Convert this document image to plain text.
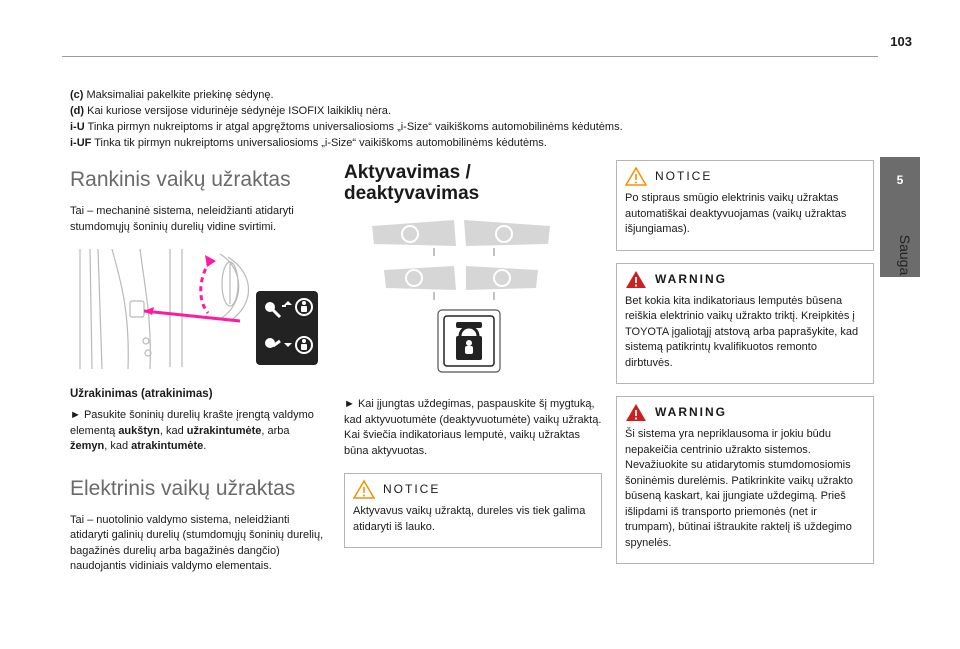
103
5
Sauga
(c) Maksimaliai pakelkite priekinę sėdynę.
(d) Kai kuriose versijose vidurinėje sėdynėje ISOFIX laikiklių nėra.
i-U Tinka pirmyn nukreiptoms ir atgal apgręžtoms universaliosioms „i-Size“ vaikiškoms automobilinėms kėdutėms.
i-UF Tinka tik pirmyn nukreiptoms universaliosioms „i-Size“ vaikiškoms automobilinėms kėdutėms.
Rankinis vaikų užraktas

Tai – mechaninė sistema, neleidžianti atidaryti stumdomųjų šoninių durelių vidine svirtimi.

Užrakinimas (atrakinimas)

► Pasukite šoninių durelių krašte įrengtą valdymo elementą aukštyn, kad užrakintumėte, arba žemyn, kad atrakintumėte.

Elektrinis vaikų užraktas

Tai – nuotolinio valdymo sistema, neleidžianti atidaryti galinių durelių (stumdomųjų šoninių durelių, bagažinės durelių arba bagažinės dangčio) naudojantis vidiniais valdymo elementais.

Aktyvavimas / deaktyvavimas

► Kai įjungtas uždegimas, paspauskite šį mygtuką, kad aktyvuotumėte (deaktyvuotumėte) vaikų užraktą.

Kai šviečia indikatoriaus lemputė, vaikų užraktas būna aktyvuotas.

NOTICE

Aktyvavus vaikų užraktą, dureles vis tiek galima atidaryti iš lauko.

NOTICE

Po stipraus smūgio elektrinis vaikų užraktas automatiškai deaktyvuojamas (vaikų užraktas išjungiamas).

WARNING

Bet kokia kita indikatoriaus lemputės būsena reiškia elektrinio vaikų užrakto triktį. Kreipkitės į TOYOTA įgaliotąjį atstovą arba paprašykite, kad sistemą patikrintų kvalifikuotos remonto dirbtuvės.

WARNING

Ši sistema yra nepriklausoma ir jokiu būdu nepakeičia centrinio užrakto sistemos. Nevažiuokite su atidarytomis stumdomosiomis šoninėmis durelėmis. Patikrinkite vaikų užrakto būseną kaskart, kai įjungiate uždegimą. Prieš išlipdami iš transporto priemonės (net ir trumpam), būtinai ištraukite raktelį iš uždegimo spynelės.
